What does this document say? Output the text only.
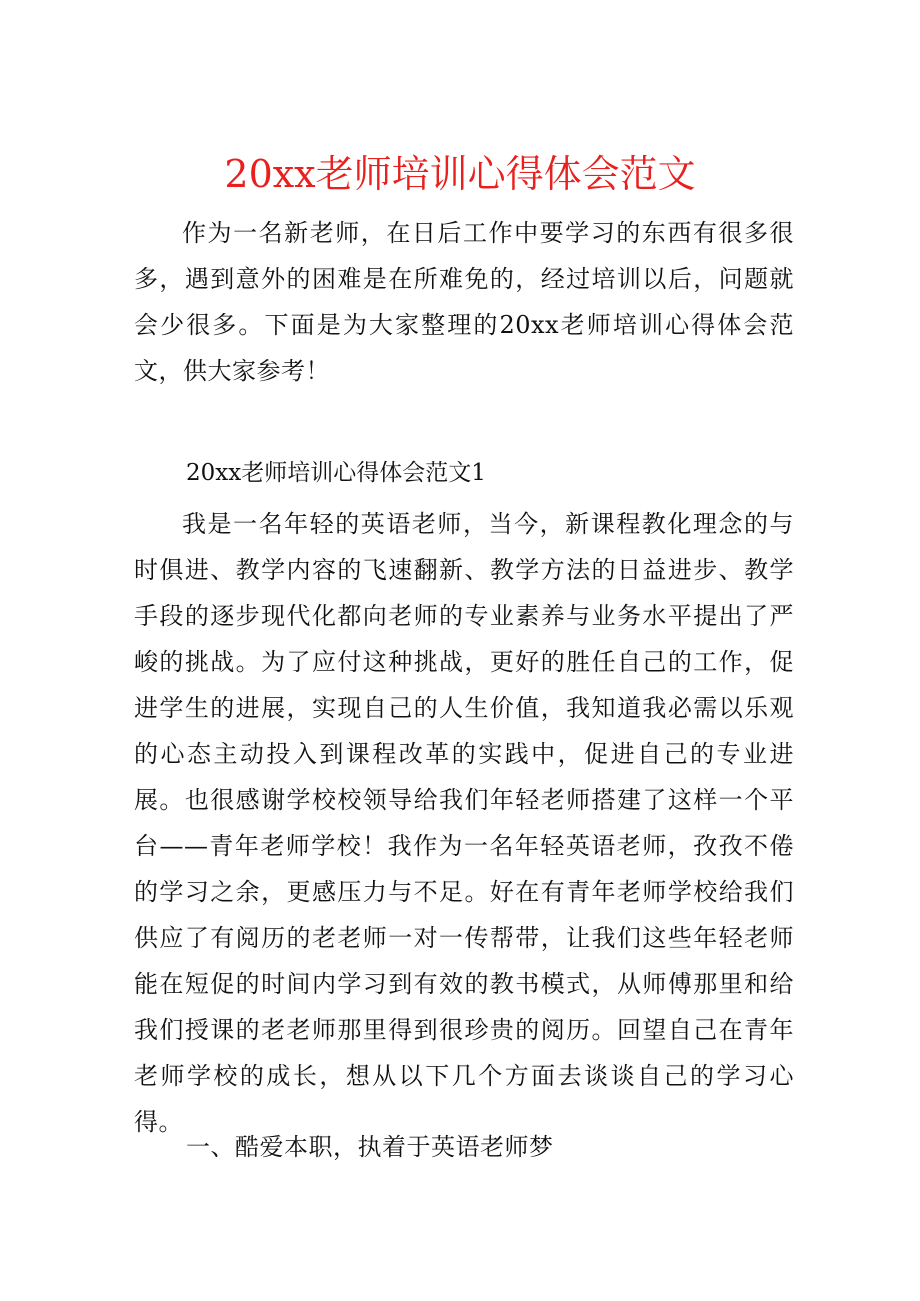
20xx老师培训心得体会范文

作为一名新老师，在日后工作中要学习的东西有很多很多，遇到意外的困难是在所难免的，经过培训以后，问题就会少很多。下面是为大家整理的20xx老师培训心得体会范文，供大家参考！

20xx老师培训心得体会范文1

我是一名年轻的英语老师，当今，新课程教化理念的与时俱进、教学内容的飞速翻新、教学方法的日益进步、教学手段的逐步现代化都向老师的专业素养与业务水平提出了严峻的挑战。为了应付这种挑战，更好的胜任自己的工作，促进学生的进展，实现自己的人生价值，我知道我必需以乐观的心态主动投入到课程改革的实践中，促进自己的专业进展。也很感谢学校校领导给我们年轻老师搭建了这样一个平台——青年老师学校！我作为一名年轻英语老师，孜孜不倦的学习之余，更感压力与不足。好在有青年老师学校给我们供应了有阅历的老老师一对一传帮带，让我们这些年轻老师能在短促的时间内学习到有效的教书模式，从师傅那里和给我们授课的老老师那里得到很珍贵的阅历。回望自己在青年老师学校的成长，想从以下几个方面去谈谈自己的学习心得。

一、酷爱本职，执着于英语老师梦
